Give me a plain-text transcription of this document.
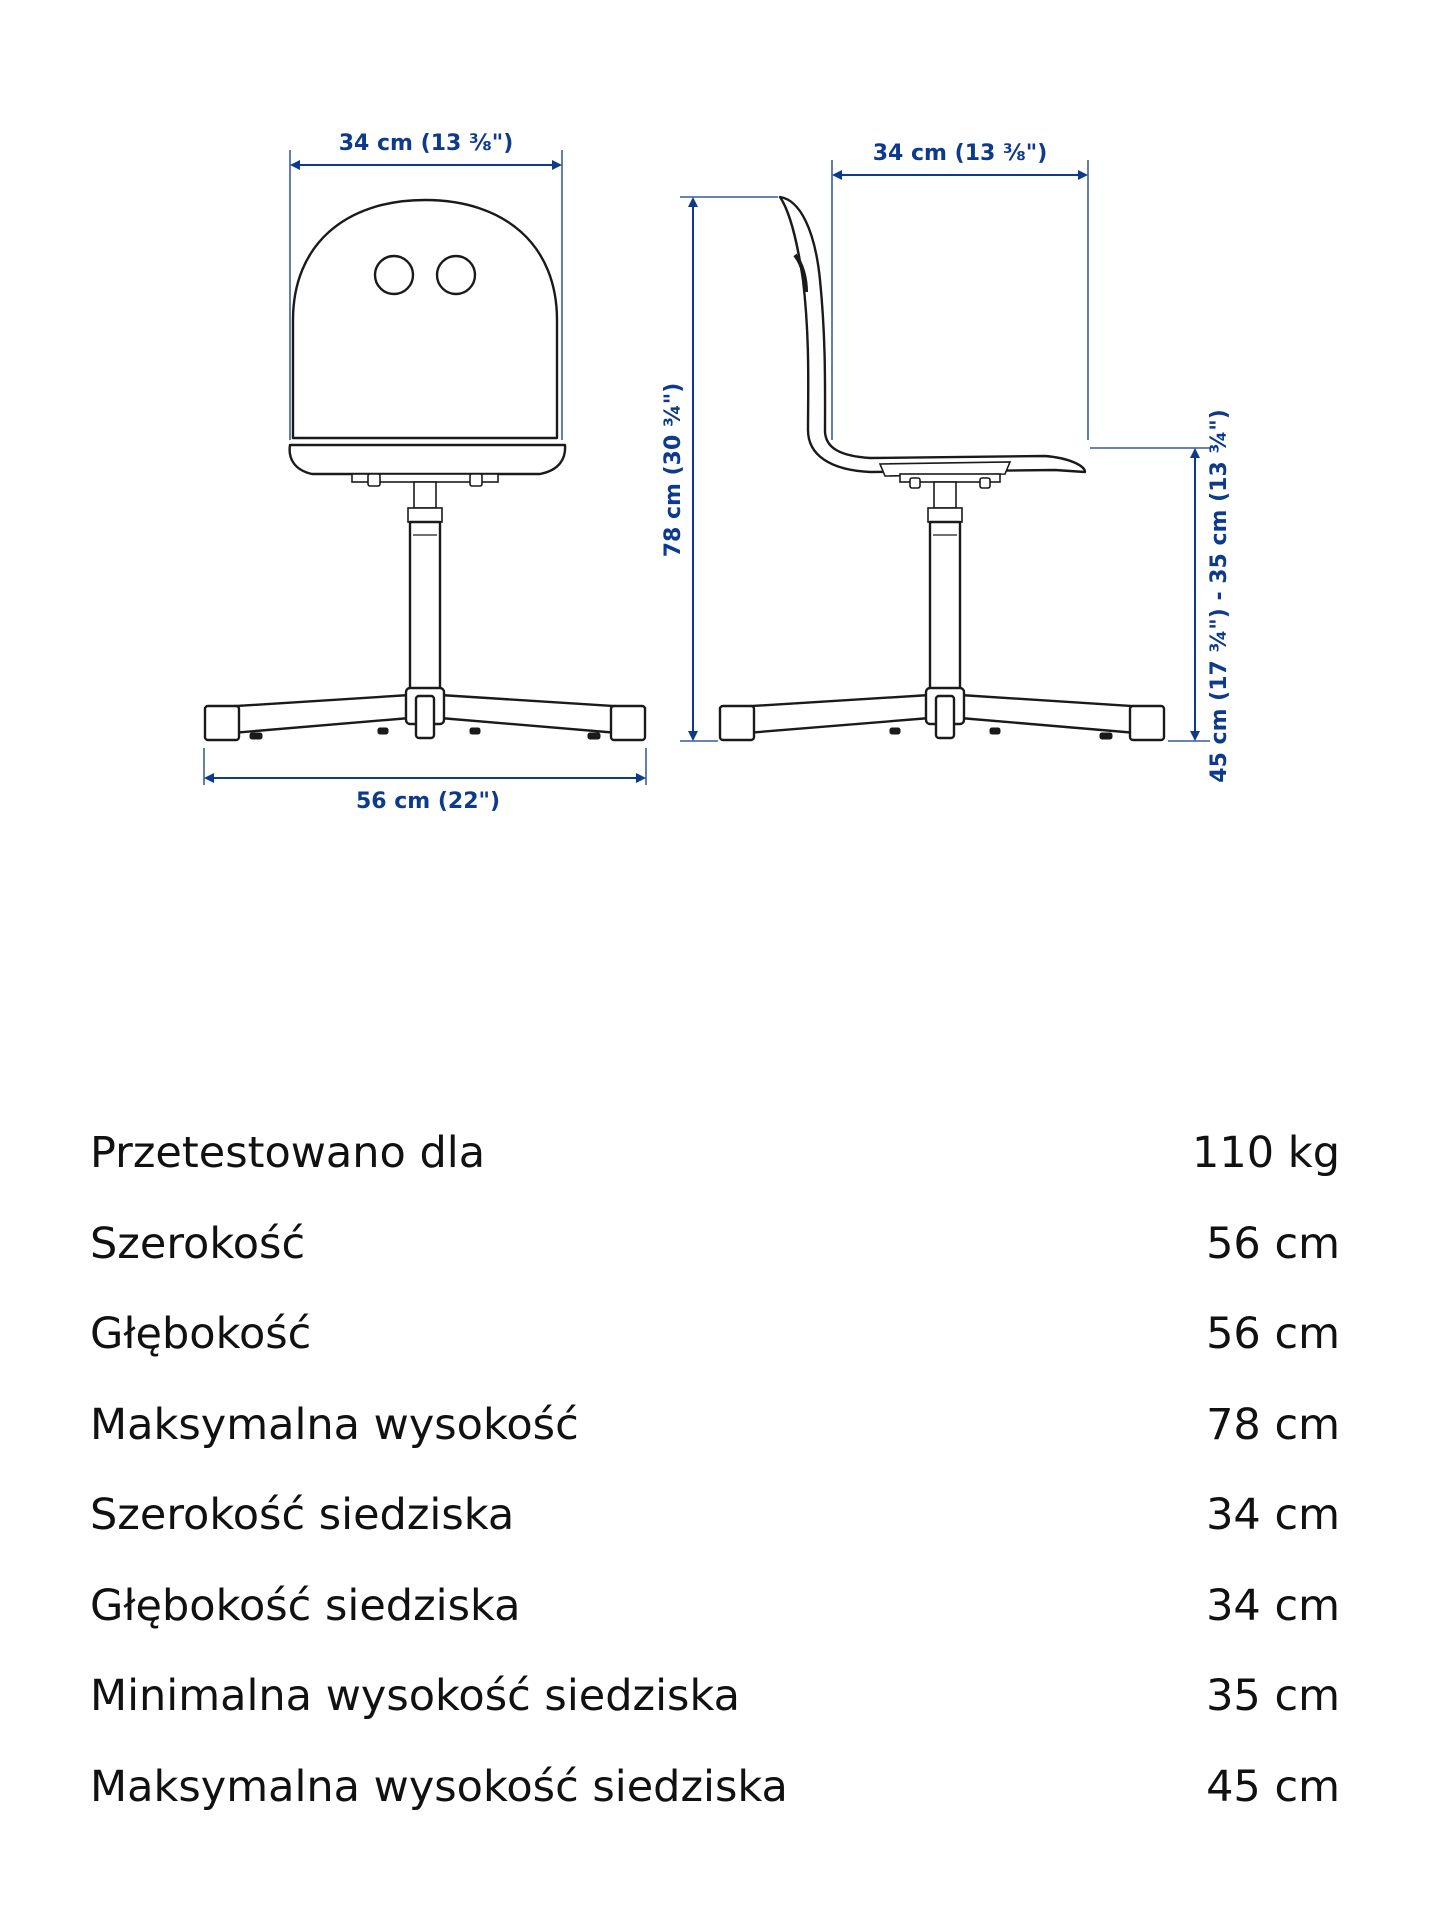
34 cm (13 ⅜")
56 cm (22")
34 cm (13 ⅜")
78 cm (30 ¾")	45 cm (17 ¾") - 35 cm (13 ¾")
Przetestowano dla	110 kg
Szerokość	56 cm
Głębokość	56 cm
Maksymalna wysokość	78 cm
Szerokość siedziska	34 cm
Głębokość siedziska	34 cm
Minimalna wysokość siedziska	35 cm
Maksymalna wysokość siedziska	45 cm
